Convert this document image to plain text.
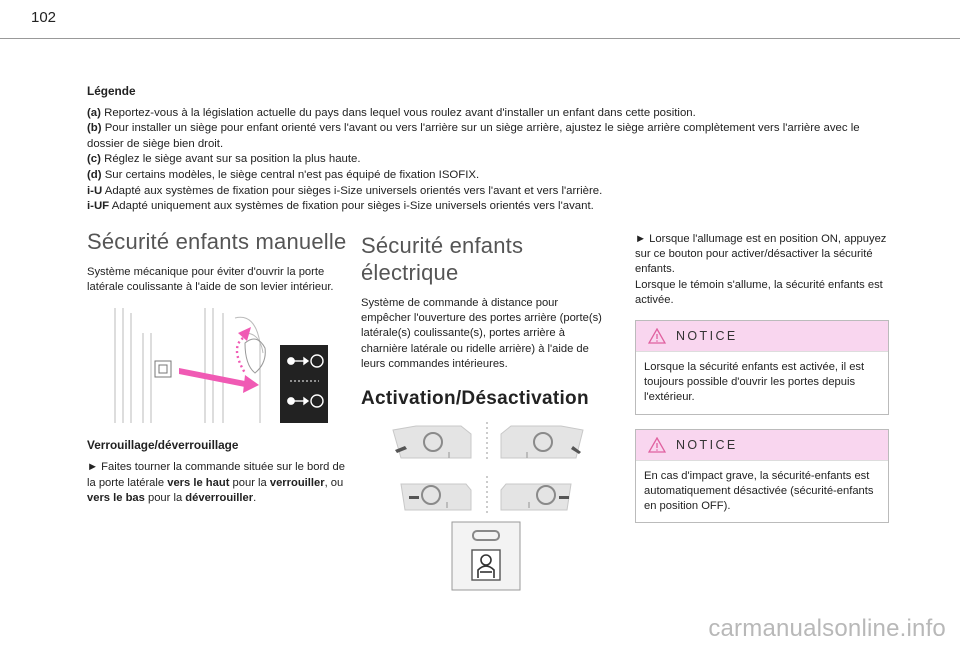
102
Légende

(a) Reportez-vous à la législation actuelle du pays dans lequel vous roulez avant d'installer un enfant dans cette position.

(b) Pour installer un siège pour enfant orienté vers l'avant ou vers l'arrière sur un siège arrière, ajustez le siège arrière complètement vers l'arrière avec le dossier de siège bien droit.

(c) Réglez le siège avant sur sa position la plus haute.

(d) Sur certains modèles, le siège central n'est pas équipé de fixation ISOFIX.

i-U Adapté aux systèmes de fixation pour sièges i-Size universels orientés vers l'avant et vers l'arrière.

i-UF Adapté uniquement aux systèmes de fixation pour sièges i-Size universels orientés vers l'avant.

Sécurité enfants manuelle

Système mécanique pour éviter d'ouvrir la porte latérale coulissante à l'aide de son levier intérieur.

Verrouillage/déverrouillage

► Faites tourner la commande située sur le bord de la porte latérale vers le haut pour la verrouiller, ou vers le bas pour la déverrouiller.

Sécurité enfants
électrique

Système de commande à distance pour empêcher l'ouverture des portes arrière (porte(s) latérale(s) coulissante(s), portes arrière à charnière latérale ou ridelle arrière) à l'aide de leurs commandes intérieures.

Activation/Désactivation

► Lorsque l'allumage est en position ON, appuyez sur ce bouton pour activer/désactiver la sécurité enfants.

Lorsque le témoin s'allume, la sécurité enfants est activée.

NOTICE
Lorsque la sécurité enfants est activée, il est toujours possible d'ouvrir les portes depuis l'extérieur.
NOTICE
En cas d'impact grave, la sécurité-enfants est automatiquement désactivée (sécurité-enfants en position OFF).
carmanualsonline.info
